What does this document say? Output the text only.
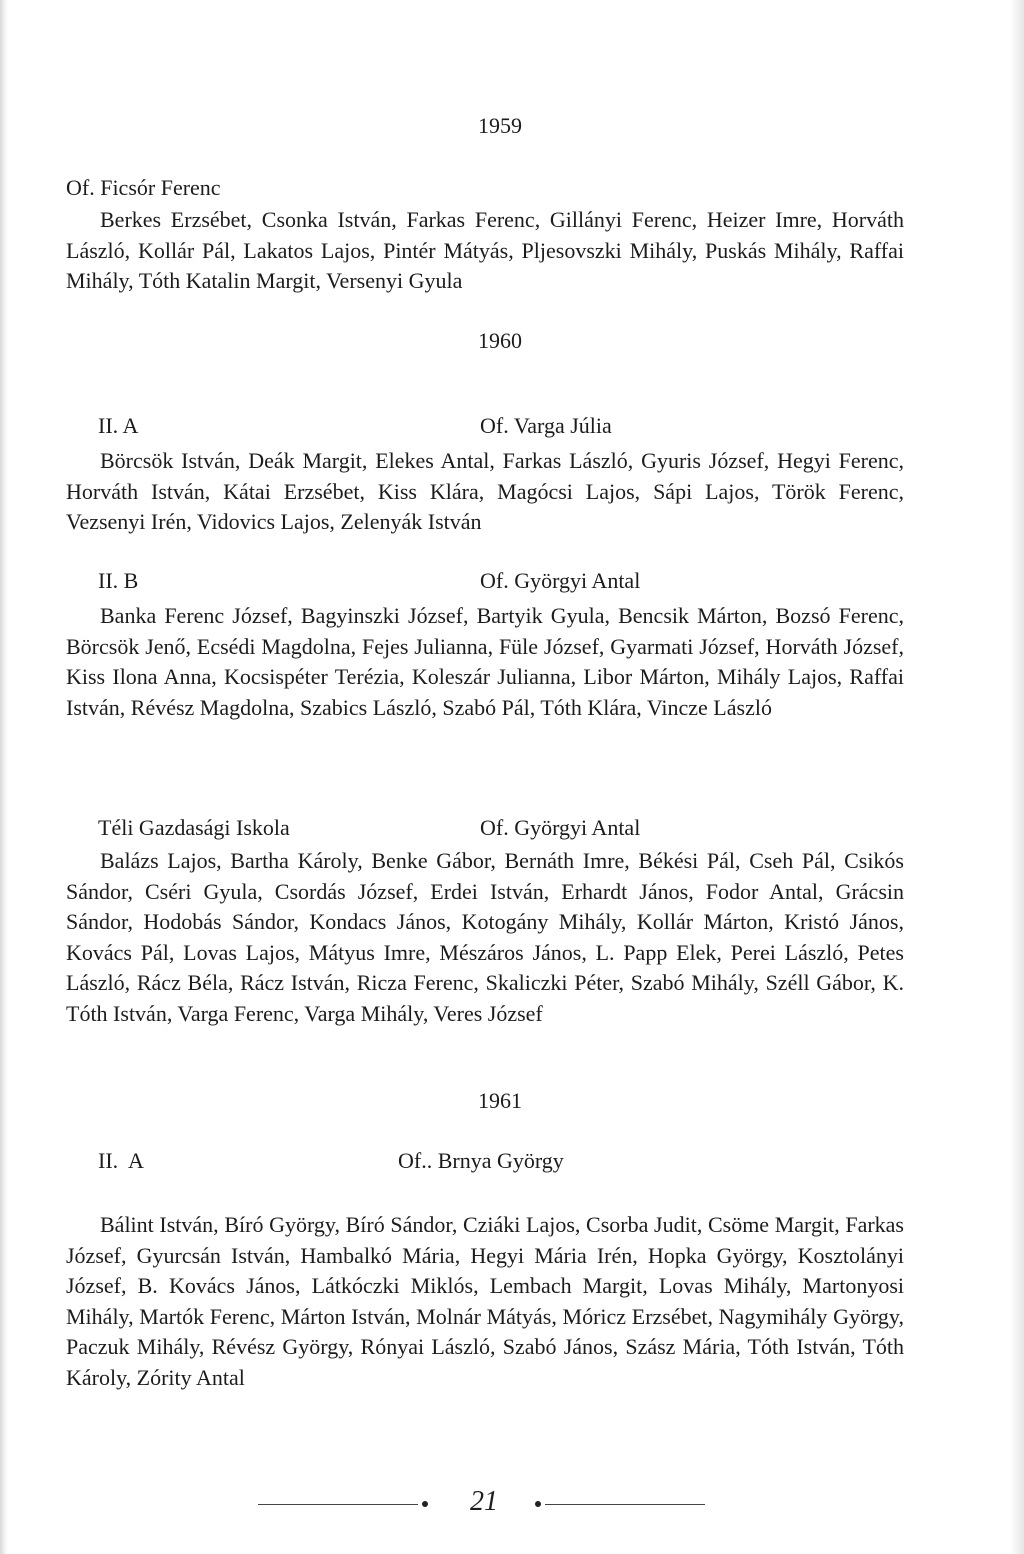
1959
Of. Ficsór Ferenc
Berkes Erzsébet, Csonka István, Farkas Ferenc, Gillányi Ferenc, Heizer Imre, Horváth László, Kollár Pál, Lakatos Lajos, Pintér Mátyás, Pljesovszki Mihály, Puskás Mihály, Raffai Mihály, Tóth Katalin Margit, Versenyi Gyula
1960
II. A	Of. Varga Júlia
Börcsök István, Deák Margit, Elekes Antal, Farkas László, Gyuris József, Hegyi Ferenc, Horváth István, Kátai Erzsébet, Kiss Klára, Magócsi Lajos, Sápi Lajos, Török Ferenc, Vezsenyi Irén, Vidovics Lajos, Zelenyák István
II. B	Of. Györgyi Antal
Banka Ferenc József, Bagyinszki József, Bartyik Gyula, Bencsik Márton, Bozsó Ferenc, Börcsök Jenő, Ecsédi Magdolna, Fejes Julianna, Füle József, Gyarmati József, Horváth József, Kiss Ilona Anna, Kocsispéter Terézia, Koleszár Julianna, Libor Márton, Mihály Lajos, Raffai István, Révész Magdolna, Szabics László, Szabó Pál, Tóth Klára, Vincze László
Téli Gazdasági Iskola	Of. Györgyi Antal
Balázs Lajos, Bartha Károly, Benke Gábor, Bernáth Imre, Békési Pál, Cseh Pál, Csikós Sándor, Cséri Gyula, Csordás József, Erdei István, Erhardt János, Fodor Antal, Grácsin Sándor, Hodobás Sándor, Kondacs János, Kotogány Mihály, Kollár Márton, Kristó János, Kovács Pál, Lovas Lajos, Mátyus Imre, Mészáros János, L. Papp Elek, Perei László, Petes László, Rácz Béla, Rácz István, Ricza Ferenc, Skaliczki Péter, Szabó Mihály, Széll Gábor, K. Tóth István, Varga Ferenc, Varga Mihály, Veres József
1961
II.  A	Of.. Brnya György
Bálint István, Bíró György, Bíró Sándor, Cziáki Lajos, Csorba Judit, Csöme Margit, Farkas József, Gyurcsán István, Hambalkó Mária, Hegyi Mária Irén, Hopka György, Kosztolányi József, B. Kovács János, Látkóczki Miklós, Lembach Margit, Lovas Mihály, Martonyosi Mihály, Martók Ferenc, Márton István, Molnár Mátyás, Móricz Erzsébet, Nagymihály György, Paczuk Mihály, Révész György, Rónyai László, Szabó János, Szász Mária, Tóth István, Tóth Károly, Zórity Antal
21
